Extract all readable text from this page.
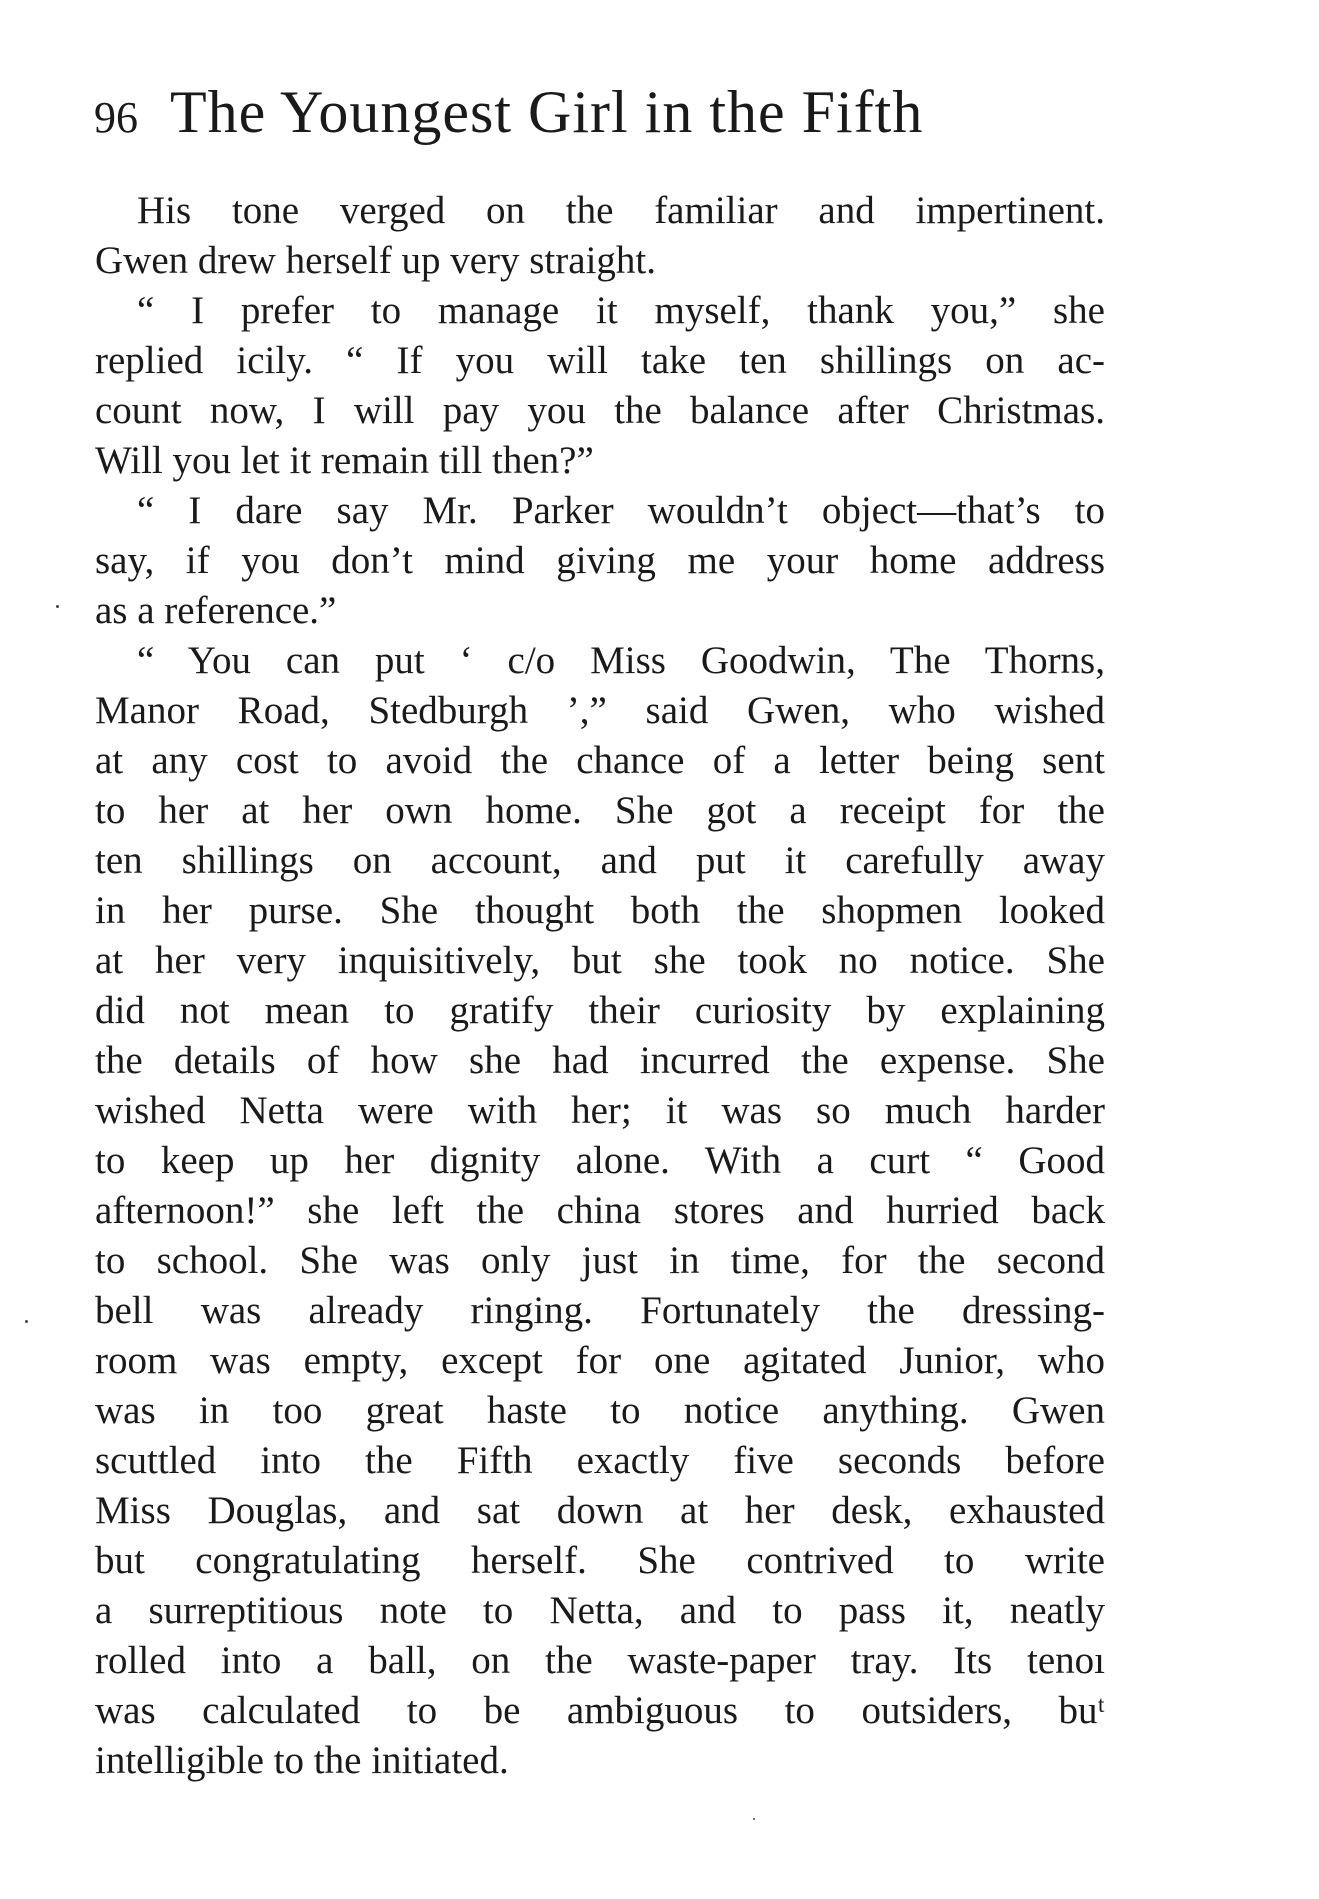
96 The Youngest Girl in the Fifth
His tone verged on the familiar and impertinent.
Gwen drew herself up very straight.
“ I prefer to manage it myself, thank you,” she
replied icily. “ If you will take ten shillings on ac-
count now, I will pay you the balance after Christmas.
Will you let it remain till then?”
“ I dare say Mr. Parker wouldn’t object—that’s to
say, if you don’t mind giving me your home address
as a reference.”
“ You can put ‘ c/o Miss Goodwin, The Thorns,
Manor Road, Stedburgh ’,” said Gwen, who wished
at any cost to avoid the chance of a letter being sent
to her at her own home. She got a receipt for the
ten shillings on account, and put it carefully away
in her purse. She thought both the shopmen looked
at her very inquisitively, but she took no notice. She
did not mean to gratify their curiosity by explaining
the details of how she had incurred the expense. She
wished Netta were with her; it was so much harder
to keep up her dignity alone. With a curt “ Good
afternoon!” she left the china stores and hurried back
to school. She was only just in time, for the second
bell was already ringing. Fortunately the dressing-
room was empty, except for one agitated Junior, who
was in too great haste to notice anything. Gwen
scuttled into the Fifth exactly five seconds before
Miss Douglas, and sat down at her desk, exhausted
but congratulating herself. She contrived to write
a surreptitious note to Netta, and to pass it, neatly
rolled into a ball, on the waste-paper tray. Its tenoı
was calculated to be ambiguous to outsiders, buᵗ
intelligible to the initiated.
